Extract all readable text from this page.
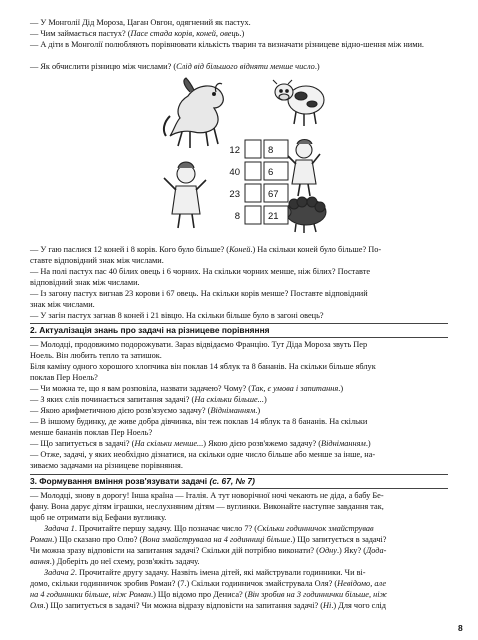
— У Монголії Дід Мороза, Цаган Овгон, одягнений як пастух.

— Чим займається пастух? (Пасе стада корів, коней, овець.)

— А діти в Монголії полюбляють порівнювати кількість тварин та визначати різницеве відно-шення між ними.

— Як обчислити різницю між числами? (Слід від більшого відняти менше число.)

12
40
23
8
8
6
67
21

— У гаю паслися 12 коней і 8 корів. Кого було більше? (Коней.) На скільки коней було більше? По-
ставте відповідний знак між числами.

— На полі пастух пас 40 білих овець і 6 чорних. На скільки чорних менше, ніж білих? Поставте
відповідний знак між числами.

— Із загону пастух вигнав 23 корови і 67 овець. На скільки корів менше? Поставте відповідний
знак між числами.

— У загін пастух загнав 8 коней і 21 вівцю. На скільки більше було в загоні овець?

2. Актуалізація знань про задачі на різницеве порівняння

— Молодці, продовжимо подорожувати. Зараз відвідаємо Францію. Тут Діда Мороза звуть Пер
Ноель. Він любить тепло та затишок.

Біля каміну одного хорошого хлопчика він поклав 14 яблук та 8 бананів. На скільки більше яблук
поклав Пер Ноель?

— Чи можна те, що я вам розповіла, назвати задачею? Чому? (Так, є умова і запитання.)

— З яких слів починається запитання задачі? (На скільки більше...)

— Якою арифметичною дією розв'язуємо задачу? (Відніманням.)

— В іншому будинку, де живе добра дівчинка, він теж поклав 14 яблук та 8 бананів. На скільки
менше бананів поклав Пер Ноель?

— Що запитується в задачі? (На скільки менше...) Якою дією розв'яжемо задачу? (Відніманням.)

— Отже, задачі, у яких необхідно дізнатися, на скільки одне число більше або менше за інше, на-
зиваємо задачами на різницеве порівняння.

3. Формування вміння розв'язувати задачі (с. 67, № 7)

— Молодці, знову в дорогу! Інша країна — Італія. А тут новорічної ночі чекають не діда, а бабу Бе-
фану. Вона дарує дітям іграшки, неслухняним дітям — вуглинки. Виконайте наступне завдання так,
щоб не отримати від Бефани вуглинку.

Задача 1. Прочитайте першу задачу. Що позначає число 7? (Скільки годинничок змайстрував
Роман.) Що сказано про Олю? (Вона змайструвала на 4 годинниці більше.) Що запитується в задачі?
Чи можна зразу відповісти на запитання задачі? Скільки дій потрібно виконати? (Одну.) Яку? (Дода-
вання.) Доберіть до неї схему, розв'яжіть задачу.

Задача 2. Прочитайте другу задачу. Назвіть імена дітей, які майстрували годинники. Чи ві-
домо, скільки годинничок зробив Роман? (7.) Скільки годинничок змайструвала Оля? (Невідомо, але
на 4 годинники більше, ніж Роман.) Що відомо про Дениса? (Він зробив на 3 годиннички більше, ніж
Оля.) Що запитується в задачі? Чи можна відразу відповісти на запитання задачі? (Ні.) Для чого слід

8
